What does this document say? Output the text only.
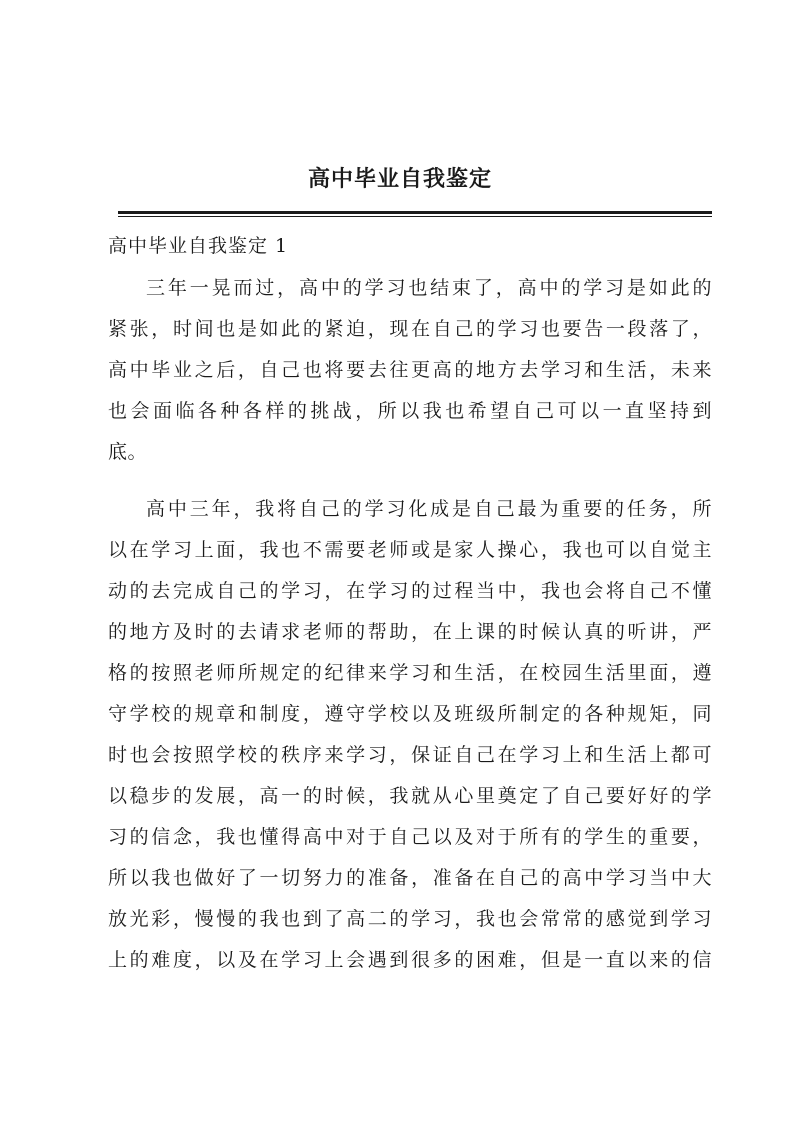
高中毕业自我鉴定
高中毕业自我鉴定 1
三年一晃而过，高中的学习也结束了，高中的学习是如此的
紧张，时间也是如此的紧迫，现在自己的学习也要告一段落了，
高中毕业之后，自己也将要去往更高的地方去学习和生活，未来
也会面临各种各样的挑战，所以我也希望自己可以一直坚持到
底。
高中三年，我将自己的学习化成是自己最为重要的任务，所
以在学习上面，我也不需要老师或是家人操心，我也可以自觉主
动的去完成自己的学习，在学习的过程当中，我也会将自己不懂
的地方及时的去请求老师的帮助，在上课的时候认真的听讲，严
格的按照老师所规定的纪律来学习和生活，在校园生活里面，遵
守学校的规章和制度，遵守学校以及班级所制定的各种规矩，同
时也会按照学校的秩序来学习，保证自己在学习上和生活上都可
以稳步的发展，高一的时候，我就从心里奠定了自己要好好的学
习的信念，我也懂得高中对于自己以及对于所有的学生的重要，
所以我也做好了一切努力的准备，准备在自己的高中学习当中大
放光彩，慢慢的我也到了高二的学习，我也会常常的感觉到学习
上的难度，以及在学习上会遇到很多的困难，但是一直以来的信
